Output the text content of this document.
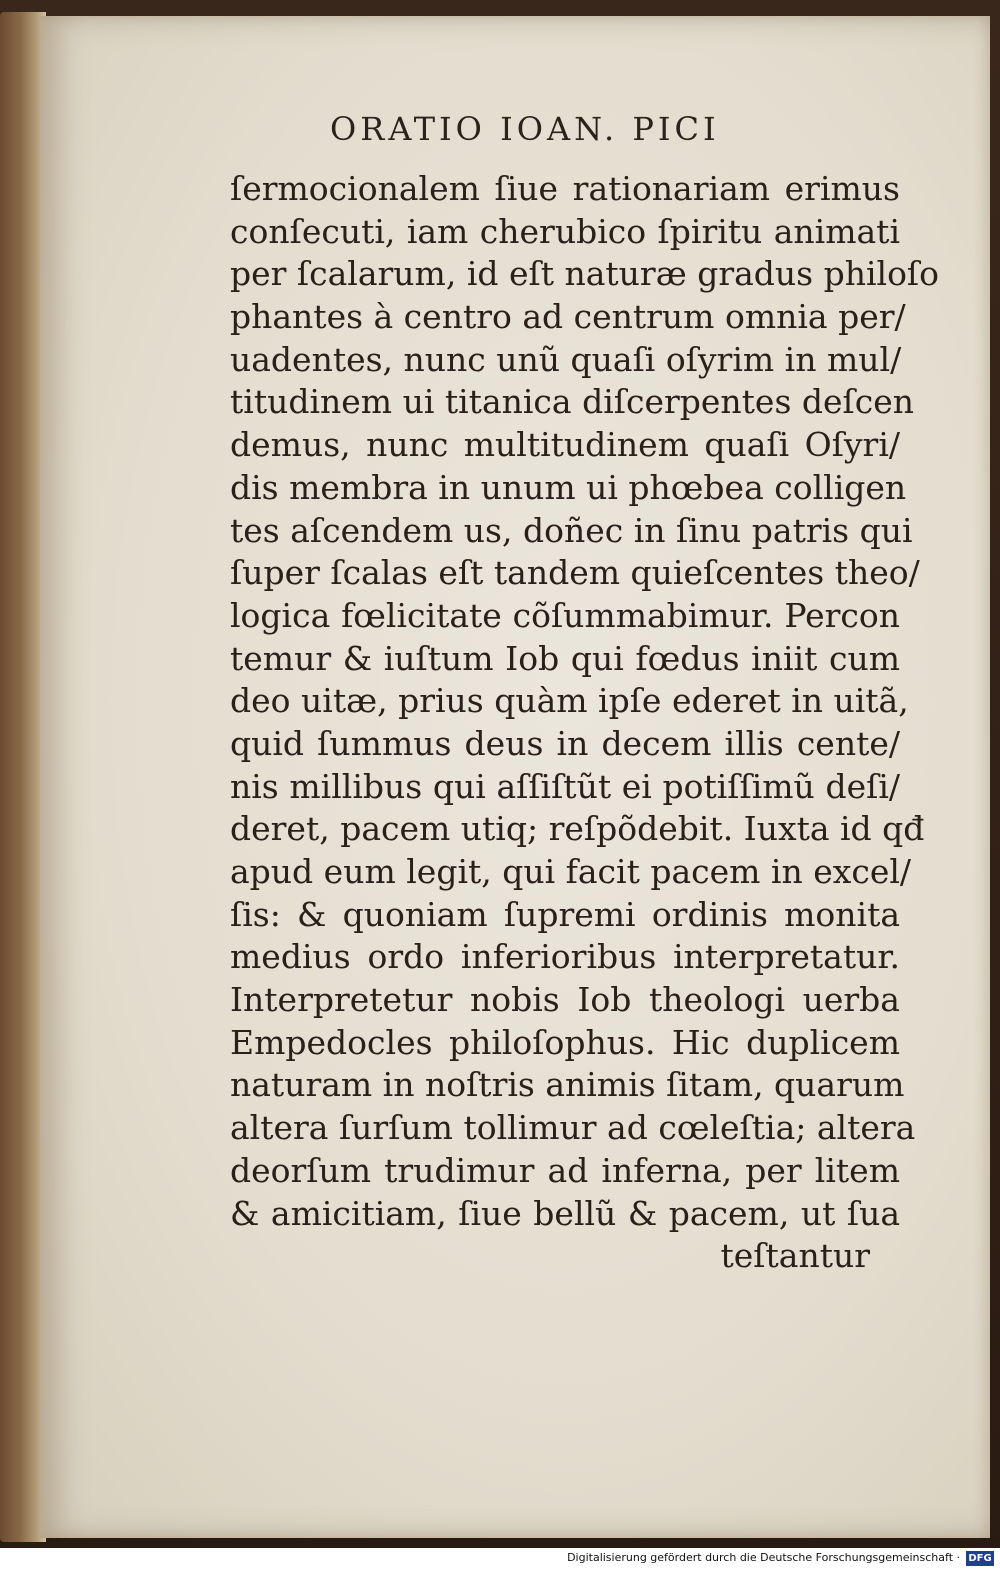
ORATIO IOAN. PICI
ſermocionalem ſiue rationariam erimus
conſecuti, iam cherubico ſpiritu animati
per ſcalarum, id eſt naturæ gradus philoſo
phantes à centro ad centrum omnia per/
uadentes, nunc unũ quaſi oſyrim in mul/
titudinem ui titanica diſcerpentes deſcen
demus, nunc multitudinem quaſi Oſyri/
dis membra in unum ui phœbea colligen
tes aſcendem us, doñec in ſinu patris qui
ſuper ſcalas eſt tandem quieſcentes theo/
logica fœlicitate cõſummabimur. Percon
temur & iuſtum Iob qui fœdus iniit cum
deo uitæ, prius quàm ipſe ederet in uitã,
quid ſummus deus in decem illis cente/
nis millibus qui aſſiſtũt ei potiſſimũ deſi/
deret, pacem utiq; reſpõdebit. Iuxta id qđ
apud eum legit, qui facit pacem in excel/
ſis: & quoniam ſupremi ordinis monita
medius ordo inferioribus interpretatur.
Interpretetur nobis Iob theologi uerba
Empedocles philoſophus. Hic duplicem
naturam in noſtris animis ſitam, quarum
altera ſurſum tollimur ad cœleſtia; altera
deorſum trudimur ad inferna, per litem
& amicitiam, ſiue bellũ & pacem, ut ſua
teſtantur
Digitalisierung gefördert durch die Deutsche Forschungsgemeinschaft · DFG
